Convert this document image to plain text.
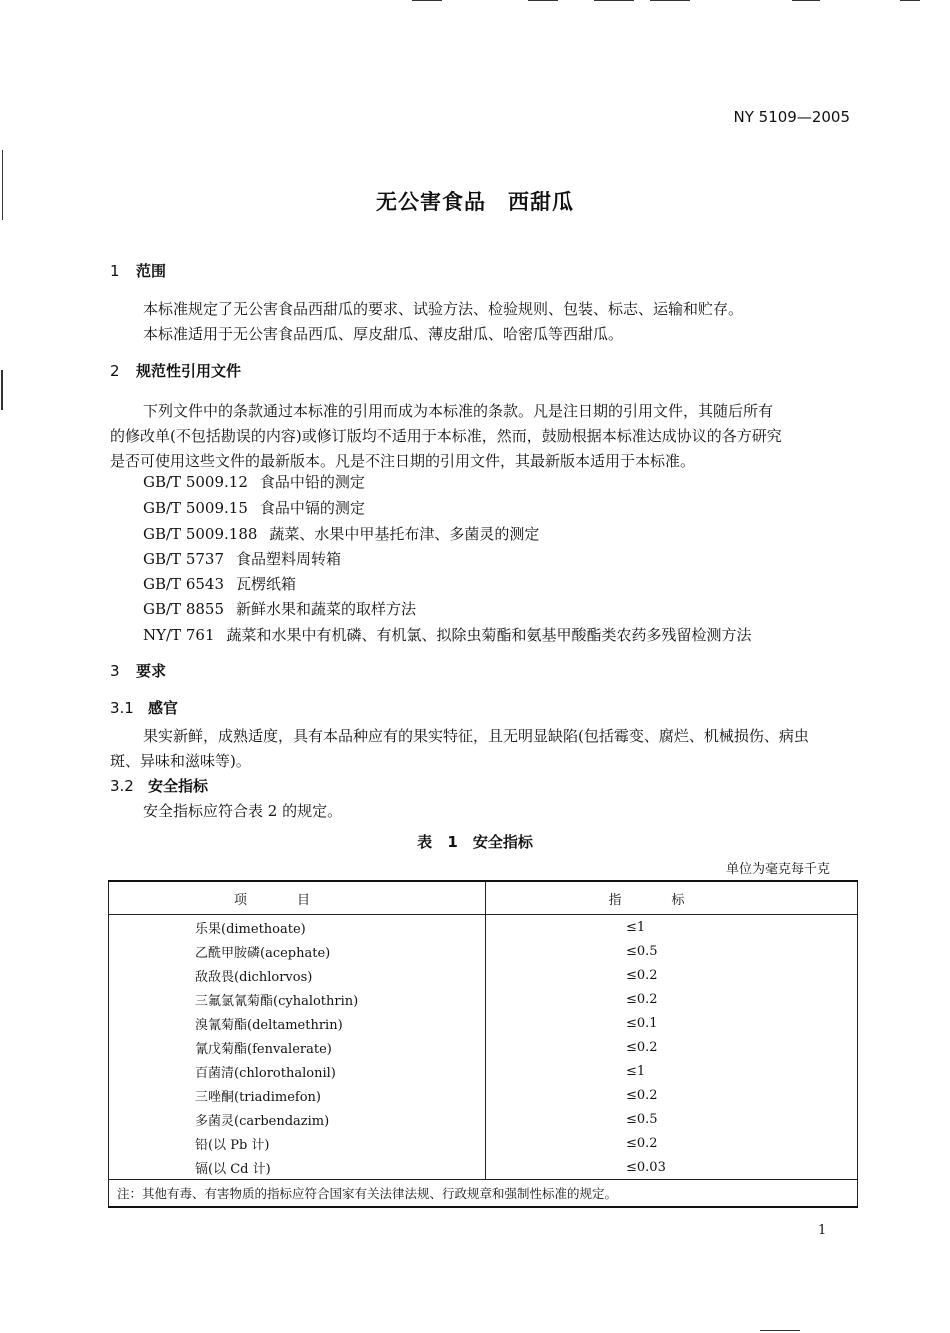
NY 5109—2005
无公害食品　西甜瓜
1 范围
本标准规定了无公害食品西甜瓜的要求、试验方法、检验规则、包装、标志、运输和贮存。
本标准适用于无公害食品西瓜、厚皮甜瓜、薄皮甜瓜、哈密瓜等西甜瓜。
2 规范性引用文件
下列文件中的条款通过本标准的引用而成为本标准的条款。凡是注日期的引用文件，其随后所有
的修改单(不包括勘误的内容)或修订版均不适用于本标准，然而，鼓励根据本标准达成协议的各方研究
是否可使用这些文件的最新版本。凡是不注日期的引用文件，其最新版本适用于本标准。
GB/T 5009.12 食品中铅的测定
GB/T 5009.15 食品中镉的测定
GB/T 5009.188 蔬菜、水果中甲基托布津、多菌灵的测定
GB/T 5737 食品塑料周转箱
GB/T 6543 瓦楞纸箱
GB/T 8855 新鲜水果和蔬菜的取样方法
NY/T 761 蔬菜和水果中有机磷、有机氯、拟除虫菊酯和氨基甲酸酯类农药多残留检测方法
3 要求
3.1 感官
果实新鲜，成熟适度，具有本品种应有的果实特征，且无明显缺陷(包括霉变、腐烂、机械损伤、病虫
斑、异味和滋味等)。
3.2 安全指标
安全指标应符合表 2 的规定。
表 1　安全指标
单位为毫克每千克
项目	指标
乐果(dimethoate)	≤1
乙酰甲胺磷(acephate)	≤0.5
敌敌畏(dichlorvos)	≤0.2
三氟氯氰菊酯(cyhalothrin)	≤0.2
溴氰菊酯(deltamethrin)	≤0.1
氰戊菊酯(fenvalerate)	≤0.2
百菌清(chlorothalonil)	≤1
三唑酮(triadimefon)	≤0.2
多菌灵(carbendazim)	≤0.5
铅(以 Pb 计)	≤0.2
镉(以 Cd 计)	≤0.03
注：其他有毒、有害物质的指标应符合国家有关法律法规、行政规章和强制性标准的规定。	
1
